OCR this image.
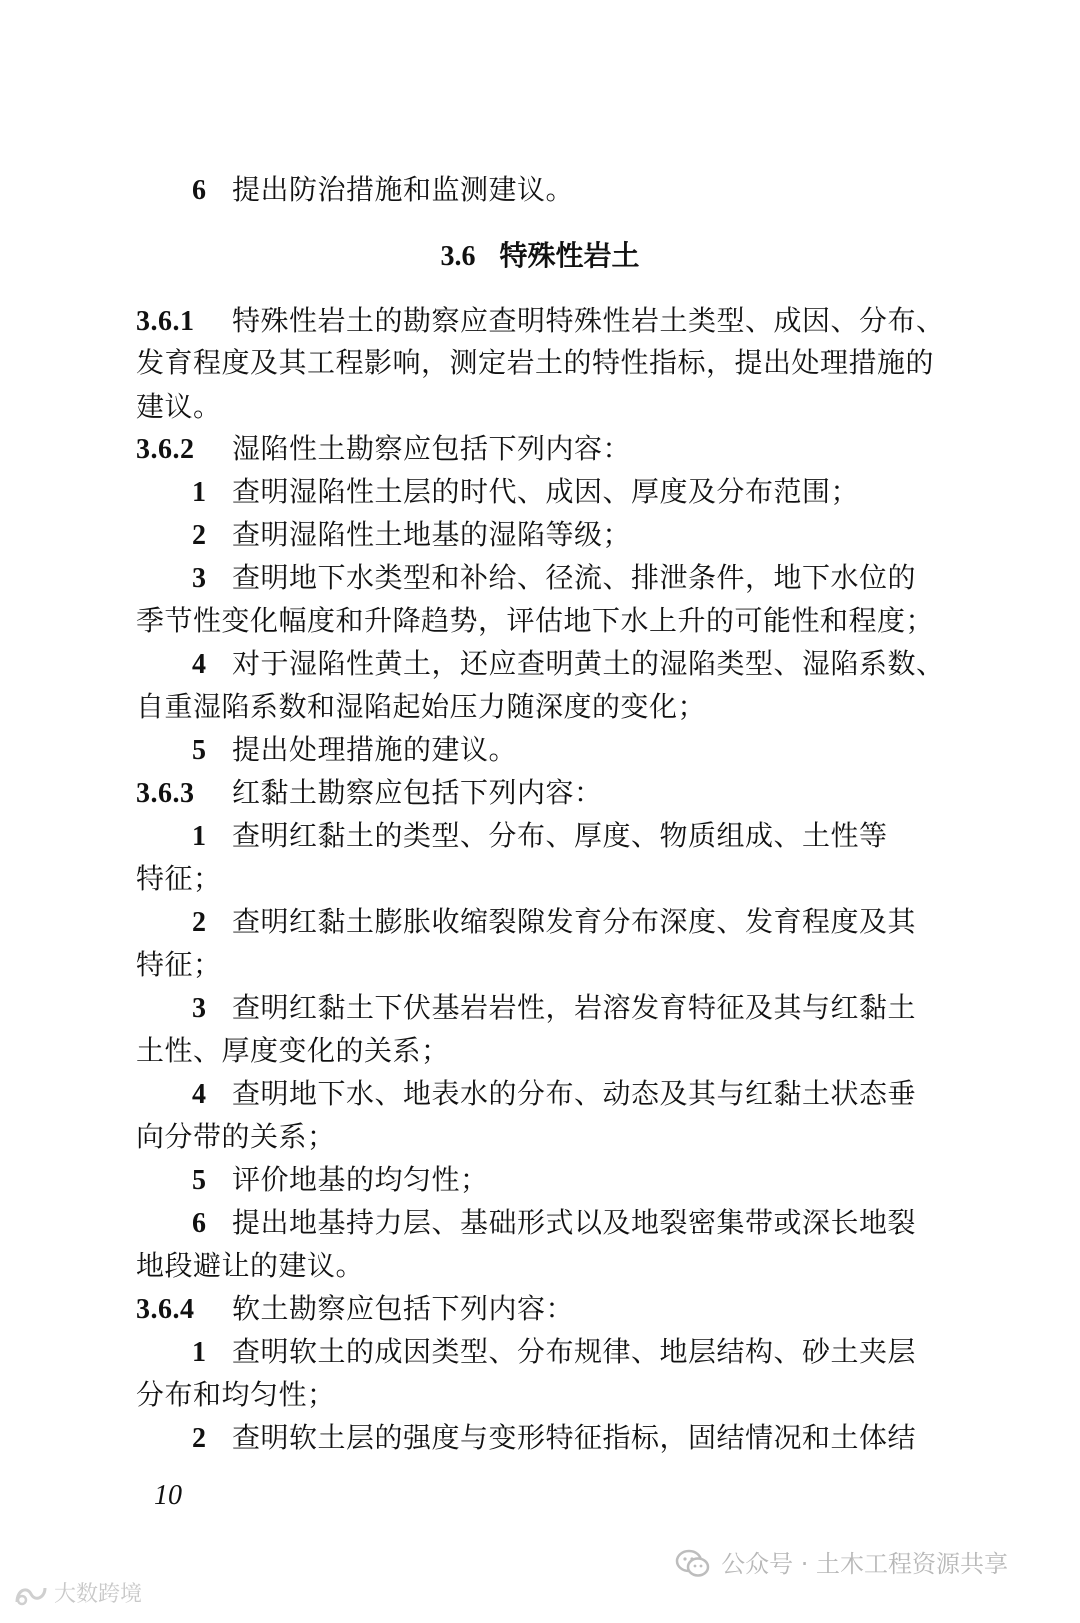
6 提出防治措施和监测建议。
3.6 特殊性岩土
3.6.1 特殊性岩土的勘察应查明特殊性岩土类型、成因、分布、
发育程度及其工程影响，测定岩土的特性指标，提出处理措施的
建议。
3.6.2 湿陷性土勘察应包括下列内容：
1 查明湿陷性土层的时代、成因、厚度及分布范围；
2 查明湿陷性土地基的湿陷等级；
3 查明地下水类型和补给、径流、排泄条件，地下水位的
季节性变化幅度和升降趋势，评估地下水上升的可能性和程度；
4 对于湿陷性黄土，还应查明黄土的湿陷类型、湿陷系数、
自重湿陷系数和湿陷起始压力随深度的变化；
5 提出处理措施的建议。
3.6.3 红黏土勘察应包括下列内容：
1 查明红黏土的类型、分布、厚度、物质组成、土性等
特征；
2 查明红黏土膨胀收缩裂隙发育分布深度、发育程度及其
特征；
3 查明红黏土下伏基岩岩性，岩溶发育特征及其与红黏土
土性、厚度变化的关系；
4 查明地下水、地表水的分布、动态及其与红黏土状态垂
向分带的关系；
5 评价地基的均匀性；
6 提出地基持力层、基础形式以及地裂密集带或深长地裂
地段避让的建议。
3.6.4 软土勘察应包括下列内容：
1 查明软土的成因类型、分布规律、地层结构、砂土夹层
分布和均匀性；
2 查明软土层的强度与变形特征指标，固结情况和土体结
10
公众号 · 土木工程资源共享
大数跨境
